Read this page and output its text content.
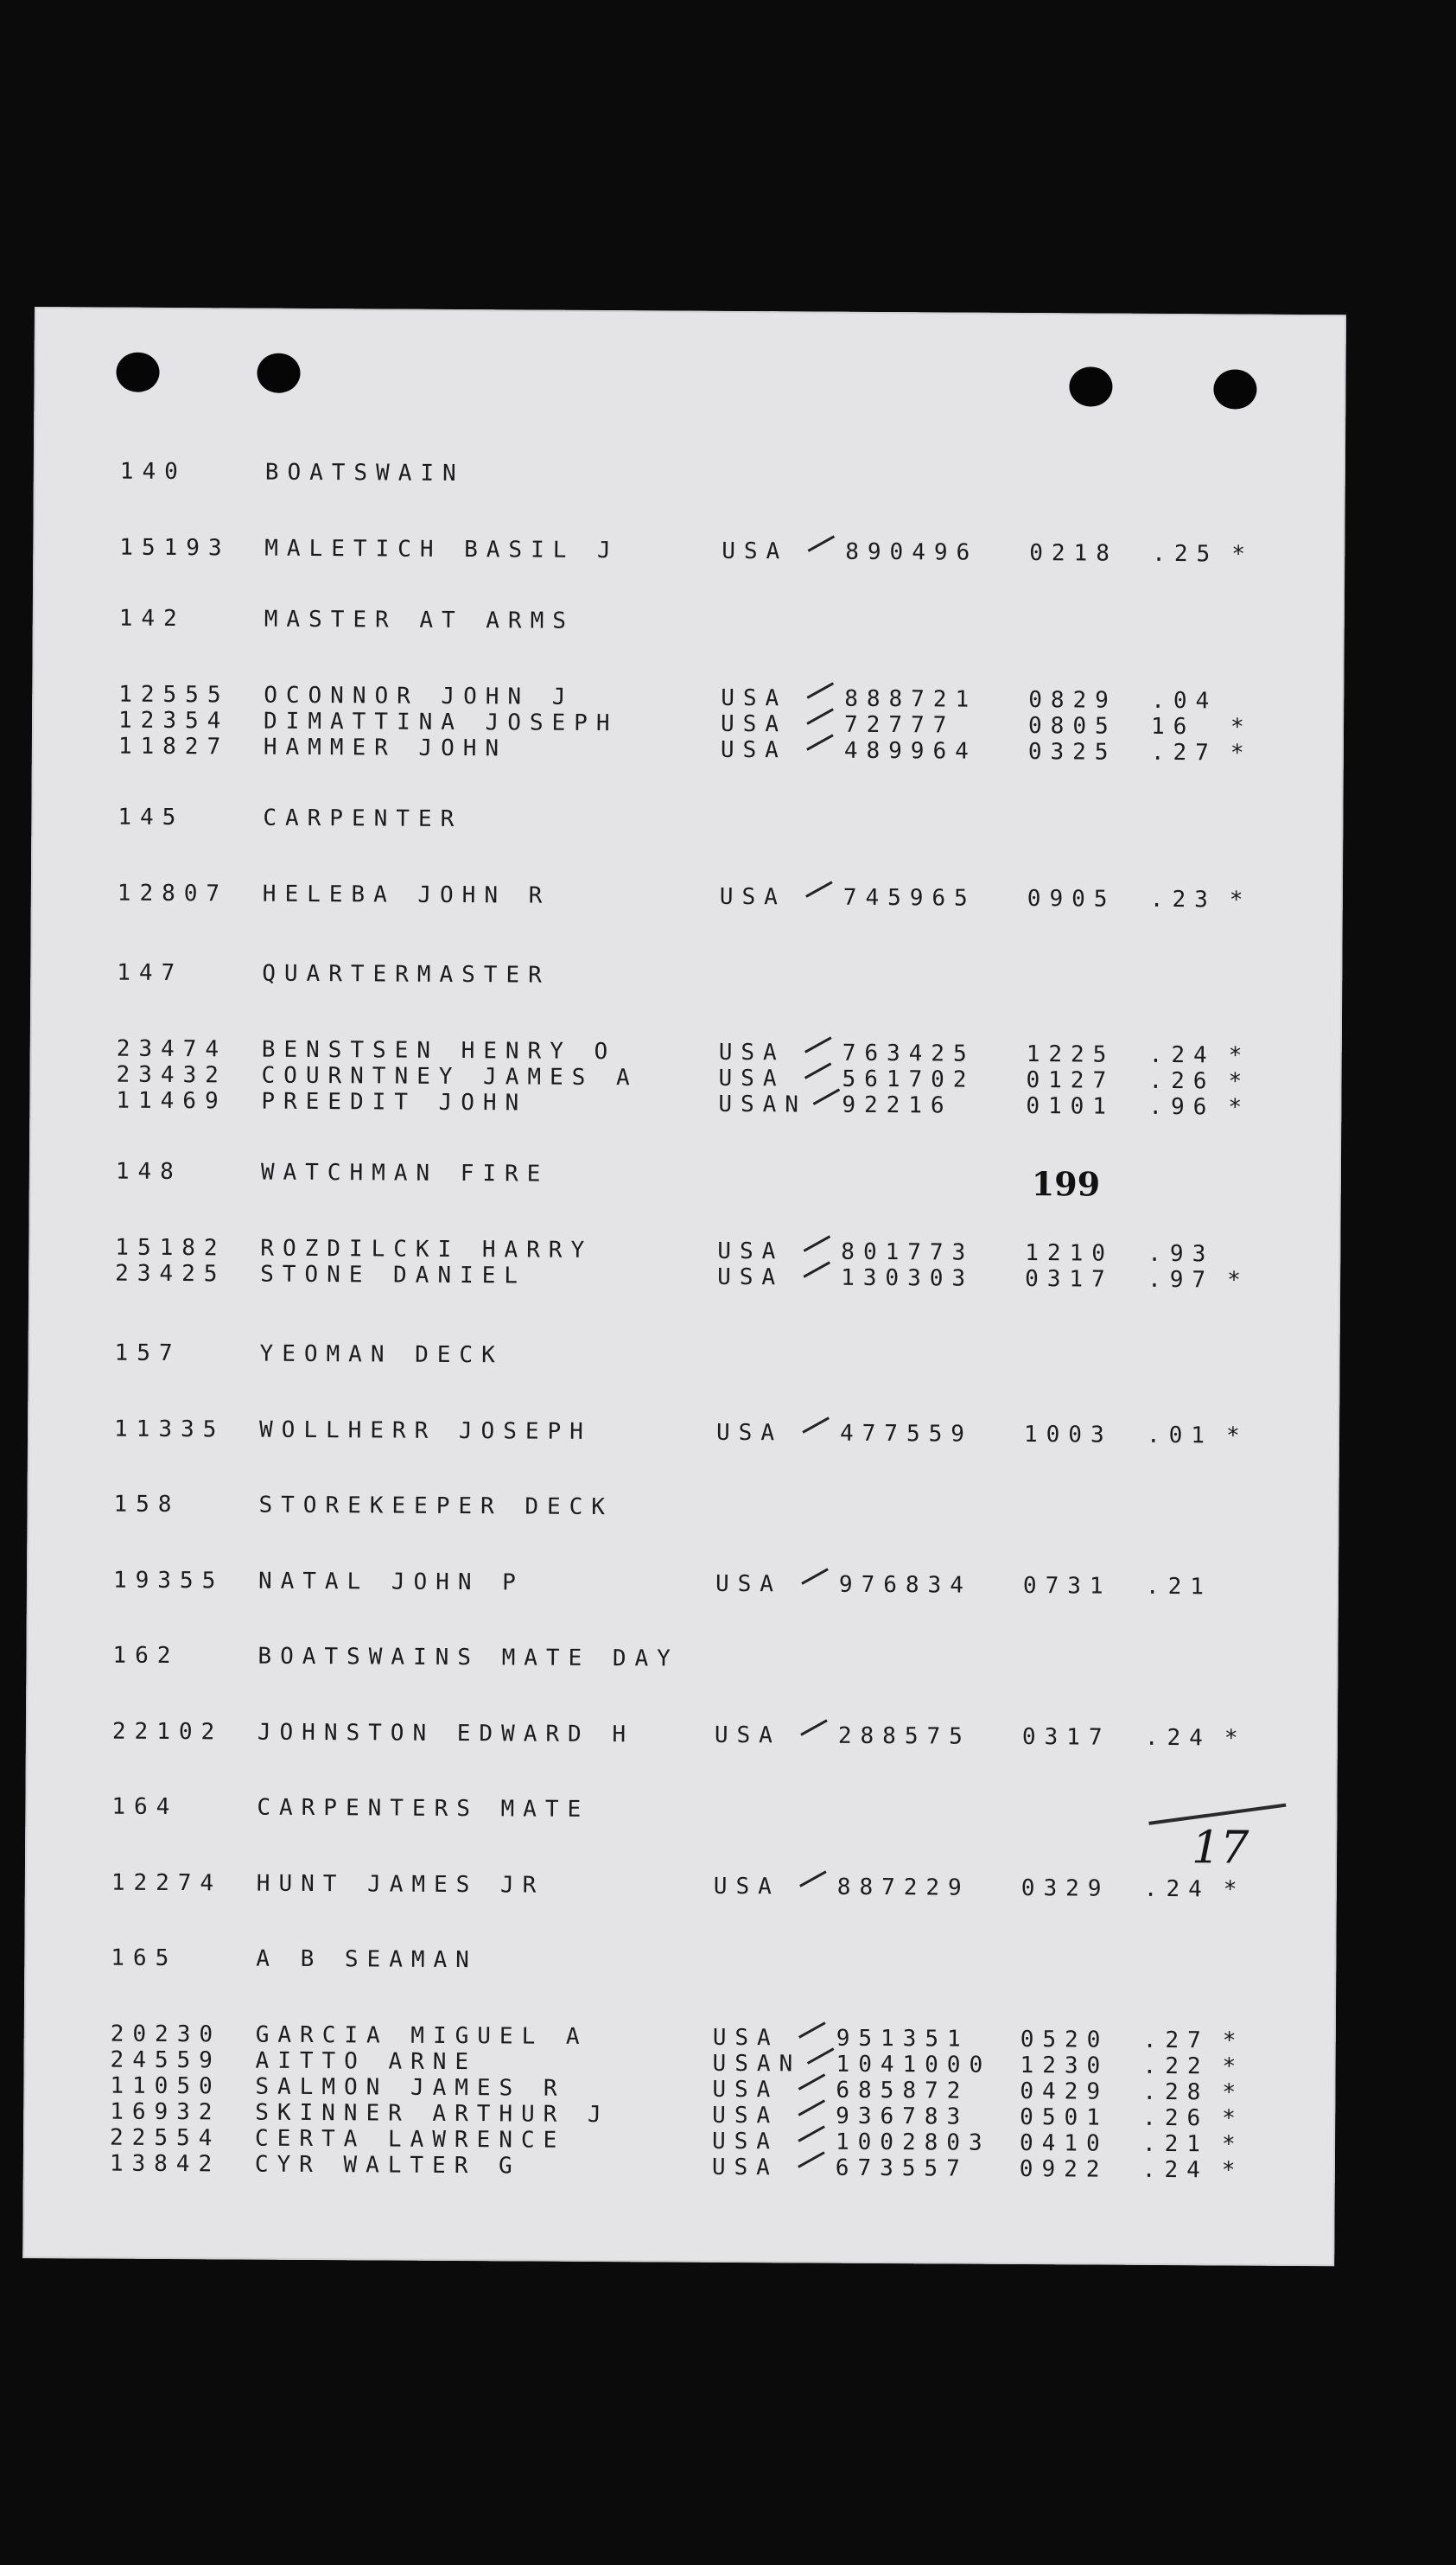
140	BOATSWAIN
15193 MALETICH BASIL J	USA	890496 0218 .25 *
142	MASTER AT ARMS
12555 OCONNOR JOHN J	USA	888721 0829 .04
12354 DIMATTINA JOSEPH	USA	72777	0805 16 *
11827 HAMMER JOHN	USA	489964 0325 .27 *
145	CARPENTER
12807 HELEBA JOHN R	USA	745965 0905 .23 *
147	QUARTERMASTER
23474 BENSTSEN HENRY O	USA	763425 1225 .24 *
23432 COURNTNEY JAMES A	USA	561702 0127 .26 *
11469 PREEDIT JOHN	USAN 92216	0101 .96 *
148	WATCHMAN FIRE
15182 ROZDILCKI HARRY	USA	801773 1210 .93
23425 STONE DANIEL	USA	130303 0317 .97 *
157	YEOMAN DECK
11335 WOLLHERR JOSEPH	USA	477559 1003 .01 *
158	STOREKEEPER DECK
19355 NATAL JOHN P	USA	976834 0731 .21
162	BOATSWAINS MATE DAY
22102 JOHNSTON EDWARD H	USA	288575 0317 .24 *
164	CARPENTERS MATE
12274 HUNT JAMES JR	USA	887229 0329 .24 *
165	A B SEAMAN
20230 GARCIA MIGUEL A	USA	951351 0520 .27 *
24559 AITTO ARNE	USAN 1041000 1230 .22 *
11050 SALMON JAMES R	USA	685872 0429 .28 *
16932 SKINNER ARTHUR J	USA	936783 0501 .26 *
22554 CERTA LAWRENCE	USA	1002803 0410 .21 *
13842 CYR WALTER G	USA	673557 0922 .24 *
199
17
